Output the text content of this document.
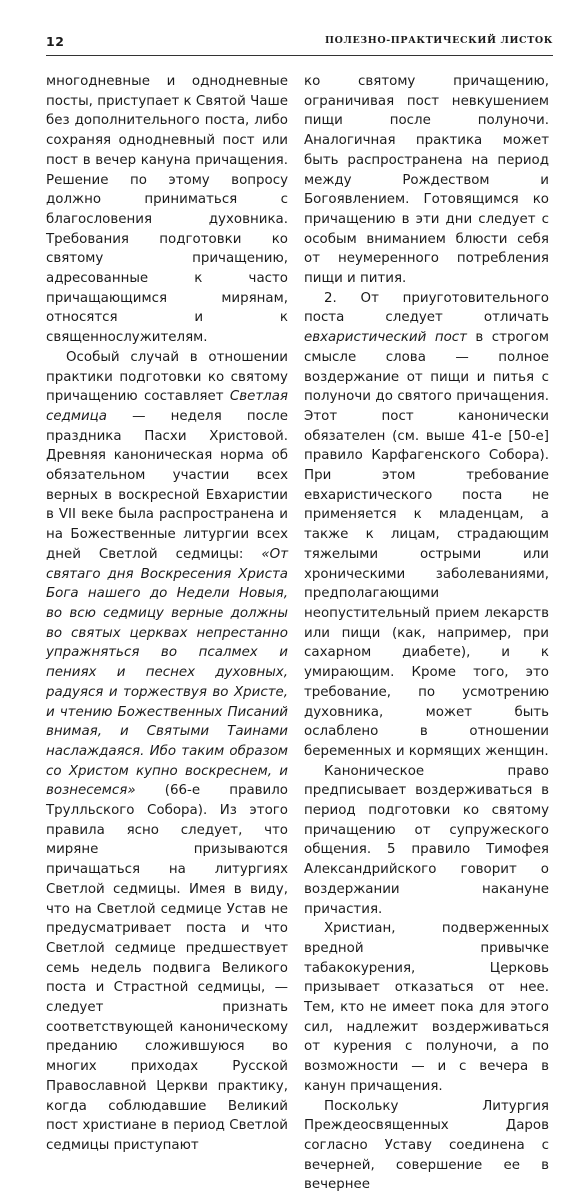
12	ПОЛЕЗНО-ПРАКТИЧЕСКИЙ ЛИСТОК

многодневные и однодневные посты, приступает к Святой Чаше без дополнительного поста, либо сохраняя однодневный пост или пост в вечер кануна причащения. Решение по этому вопросу должно приниматься с благословения духовника. Требования подготовки ко святому причащению, адресованные к часто причащающимся мирянам, относятся и к священнослужителям.

Особый случай в отношении практики подготовки ко святому причащению составляет Светлая седмица — неделя после праздника Пасхи Христовой. Древняя каноническая норма об обязательном участии всех верных в воскресной Евхаристии в VII веке была распространена и на Божественные литургии всех дней Светлой седмицы: «От святаго дня Воскресения Христа Бога нашего до Недели Новыя, во всю седмицу верные должны во святых церквах непрестанно упражняться во псалмех и пениях и песнех духовных, радуяся и торжествуя во Христе, и чтению Божественных Писаний внимая, и Святыми Таинами наслаждаяся. Ибо таким образом со Христом купно воскреснем, и вознесемся» (66-е правило Трулльского Собора). Из этого правила ясно следует, что миряне призываются причащаться на литургиях Светлой седмицы. Имея в виду, что на Светлой седмице Устав не предусматривает поста и что Светлой седмице предшествует семь недель подвига Великого поста и Страстной седмицы, — следует признать соответствующей каноническому преданию сложившуюся во многих приходах Русской Православной Церкви практику, когда соблюдавшие Великий пост христиане в период Светлой седмицы приступают

ко святому причащению, ограничивая пост невкушением пищи после полуночи. Аналогичная практика может быть распространена на период между Рождеством и Богоявлением. Готовящимся ко причащению в эти дни следует с особым вниманием блюсти себя от неумеренного потребления пищи и пития.

2. От приуготовительного поста следует отличать евхаристический пост в строгом смысле слова — полное воздержание от пищи и питья с полуночи до святого причащения. Этот пост канонически обязателен (см. выше 41-е [50-е] правило Карфагенского Собора). При этом требование евхаристического поста не применяется к младенцам, а также к лицам, страдающим тяжелыми острыми или хроническими заболеваниями, предполагающими неопустительный прием лекарств или пищи (как, например, при сахарном диабете), и к умирающим. Кроме того, это требование, по усмотрению духовника, может быть ослаблено в отношении беременных и кормящих женщин.

Каноническое право предписывает воздерживаться в период подготовки ко святому причащению от супружеского общения. 5 правило Тимофея Александрийского говорит о воздержании накануне причастия.

Христиан, подверженных вредной привычке табакокурения, Церковь призывает отказаться от нее. Тем, кто не имеет пока для этого сил, надлежит воздерживаться от курения с полуночи, а по возможности — и с вечера в канун причащения.

Поскольку Литургия Преждеосвященных Даров согласно Уставу соединена с вечерней, совершение ее в вечернее
